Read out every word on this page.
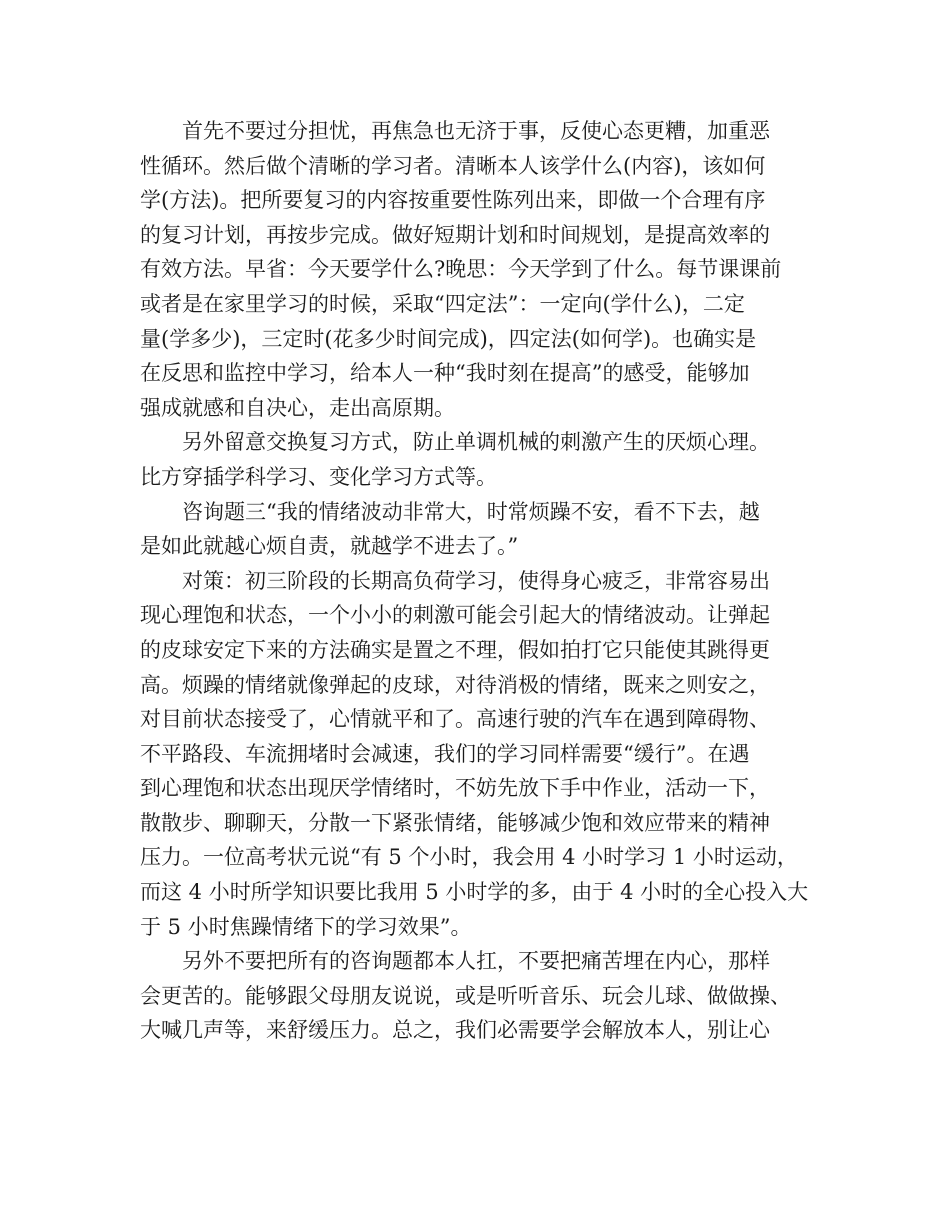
首先不要过分担忧，再焦急也无济于事，反使心态更糟，加重恶
性循环。然后做个清晰的学习者。清晰本人该学什么(内容)，该如何
学(方法)。把所要复习的内容按重要性陈列出来，即做一个合理有序
的复习计划，再按步完成。做好短期计划和时间规划，是提高效率的
有效方法。早省：今天要学什么?晚思：今天学到了什么。每节课课前
或者是在家里学习的时候，采取“四定法”：一定向(学什么)，二定
量(学多少)，三定时(花多少时间完成)，四定法(如何学)。也确实是
在反思和监控中学习，给本人一种“我时刻在提高”的感受，能够加
强成就感和自决心，走出高原期。

另外留意交换复习方式，防止单调机械的刺激产生的厌烦心理。
比方穿插学科学习、变化学习方式等。

咨询题三“我的情绪波动非常大，时常烦躁不安，看不下去，越
是如此就越心烦自责，就越学不进去了。”

对策：初三阶段的长期高负荷学习，使得身心疲乏，非常容易出
现心理饱和状态，一个小小的刺激可能会引起大的情绪波动。让弹起
的皮球安定下来的方法确实是置之不理，假如拍打它只能使其跳得更
高。烦躁的情绪就像弹起的皮球，对待消极的情绪，既来之则安之，
对目前状态接受了，心情就平和了。高速行驶的汽车在遇到障碍物、
不平路段、车流拥堵时会减速，我们的学习同样需要“缓行”。在遇
到心理饱和状态出现厌学情绪时，不妨先放下手中作业，活动一下，
散散步、聊聊天，分散一下紧张情绪，能够减少饱和效应带来的精神
压力。一位高考状元说“有 5 个小时，我会用 4 小时学习 1 小时运动，
而这 4 小时所学知识要比我用 5 小时学的多，由于 4 小时的全心投入大
于 5 小时焦躁情绪下的学习效果”。

另外不要把所有的咨询题都本人扛，不要把痛苦埋在内心，那样
会更苦的。能够跟父母朋友说说，或是听听音乐、玩会儿球、做做操、
大喊几声等，来舒缓压力。总之，我们必需要学会解放本人，别让心
